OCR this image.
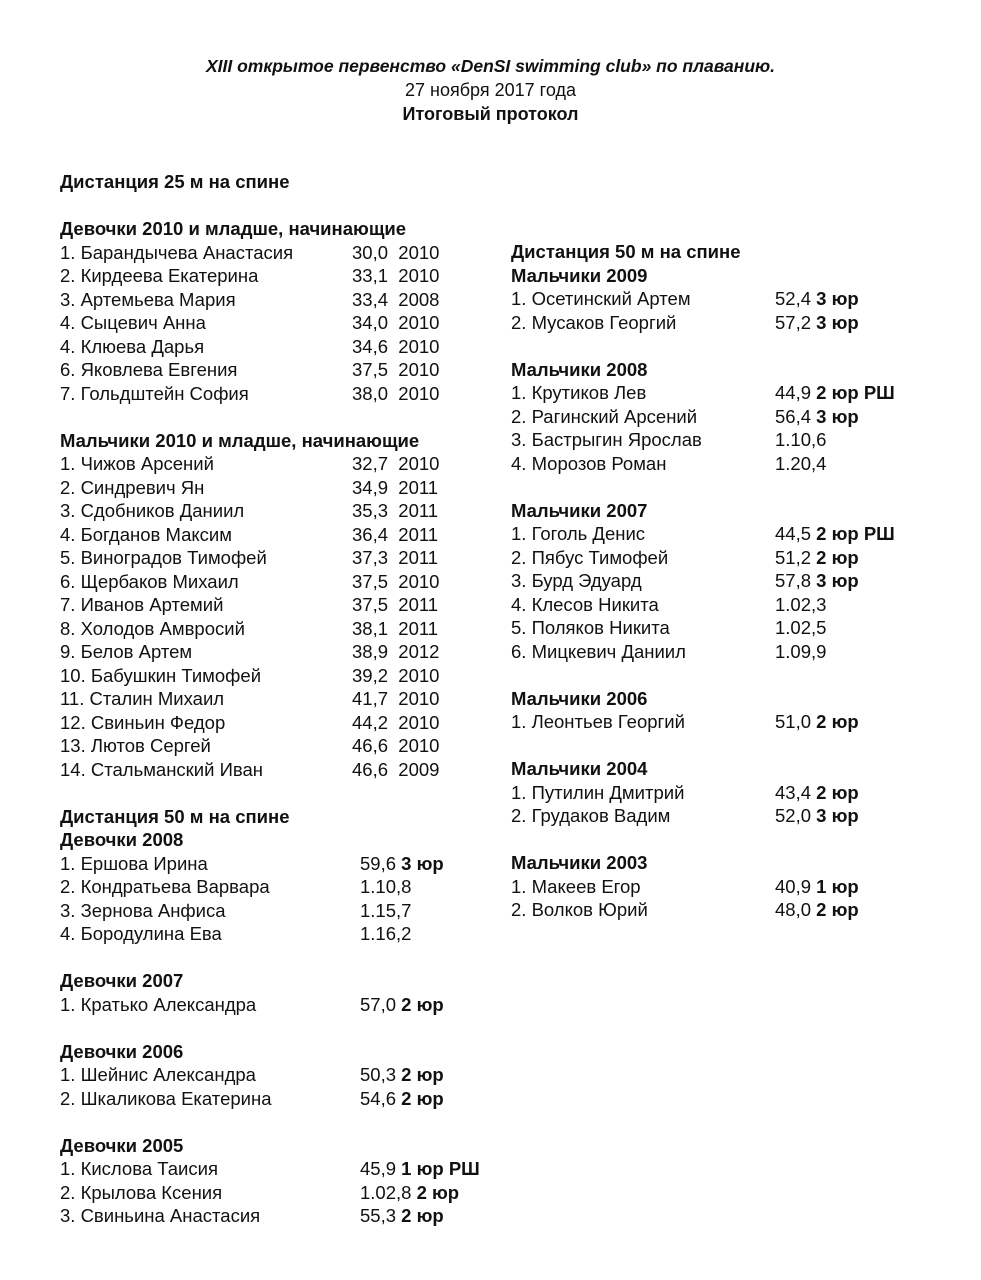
XIII открытое первенство «DenSI swimming club» по плаванию.
27 ноября 2017 года
Итоговый протокол
Дистанция 25 м на спине
Девочки 2010 и младше, начинающие
1. Барандычева Анастасия	30,0 2010
2. Кирдеева Екатерина	33,1 2010
3. Артемьева Мария	33,4 2008
4. Сыцевич Анна	34,0 2010
4. Клюева Дарья	34,6 2010
6. Яковлева Евгения	37,5 2010
7. Гольдштейн София	38,0 2010
Мальчики 2010 и младше, начинающие
1. Чижов Арсений	32,7 2010
2. Синдревич Ян	34,9 2011
3. Сдобников Даниил	35,3 2011
4. Богданов Максим	36,4 2011
5. Виноградов Тимофей	37,3 2011
6. Щербаков Михаил	37,5 2010
7. Иванов Артемий	37,5 2011
8. Холодов Амвросий	38,1 2011
9. Белов Артем	38,9 2012
10. Бабушкин Тимофей	39,2 2010
11. Сталин Михаил	41,7 2010
12. Свиньин Федор	44,2 2010
13. Лютов Сергей	46,6 2010
14. Стальманский Иван	46,6 2009
Дистанция 50 м на спине
Девочки 2008
1. Ершова Ирина	59,6 3 юр
2. Кондратьева Варвара	1.10,8
3. Зернова Анфиса	1.15,7
4. Бородулина Ева	1.16,2
Девочки 2007
1. Кратько Александра	57,0 2 юр
Девочки 2006
1. Шейнис Александра	50,3 2 юр
2. Шкаликова Екатерина	54,6 2 юр
Девочки 2005
1. Кислова Таисия	45,9 1 юр РШ
2. Крылова Ксения	1.02,8 2 юр
3. Свиньина Анастасия	55,3 2 юр
Дистанция 50 м на спине
Мальчики 2009
1. Осетинский Артем	52,4 3 юр
2. Мусаков Георгий	57,2 3 юр
Мальчики 2008
1. Крутиков Лев	44,9 2 юр РШ
2. Рагинский Арсений	56,4 3 юр
3. Бастрыгин Ярослав	1.10,6
4. Морозов Роман	1.20,4
Мальчики 2007
1. Гоголь Денис	44,5 2 юр РШ
2. Пябус Тимофей	51,2 2 юр
3. Бурд Эдуард	57,8 3 юр
4. Клесов Никита	1.02,3
5. Поляков Никита	1.02,5
6. Мицкевич Даниил	1.09,9
Мальчики 2006
1. Леонтьев Георгий	51,0 2 юр
Мальчики 2004
1. Путилин Дмитрий	43,4 2 юр
2. Грудаков Вадим	52,0 3 юр
Мальчики 2003
1. Макеев Егор	40,9 1 юр
2. Волков Юрий	48,0 2 юр
